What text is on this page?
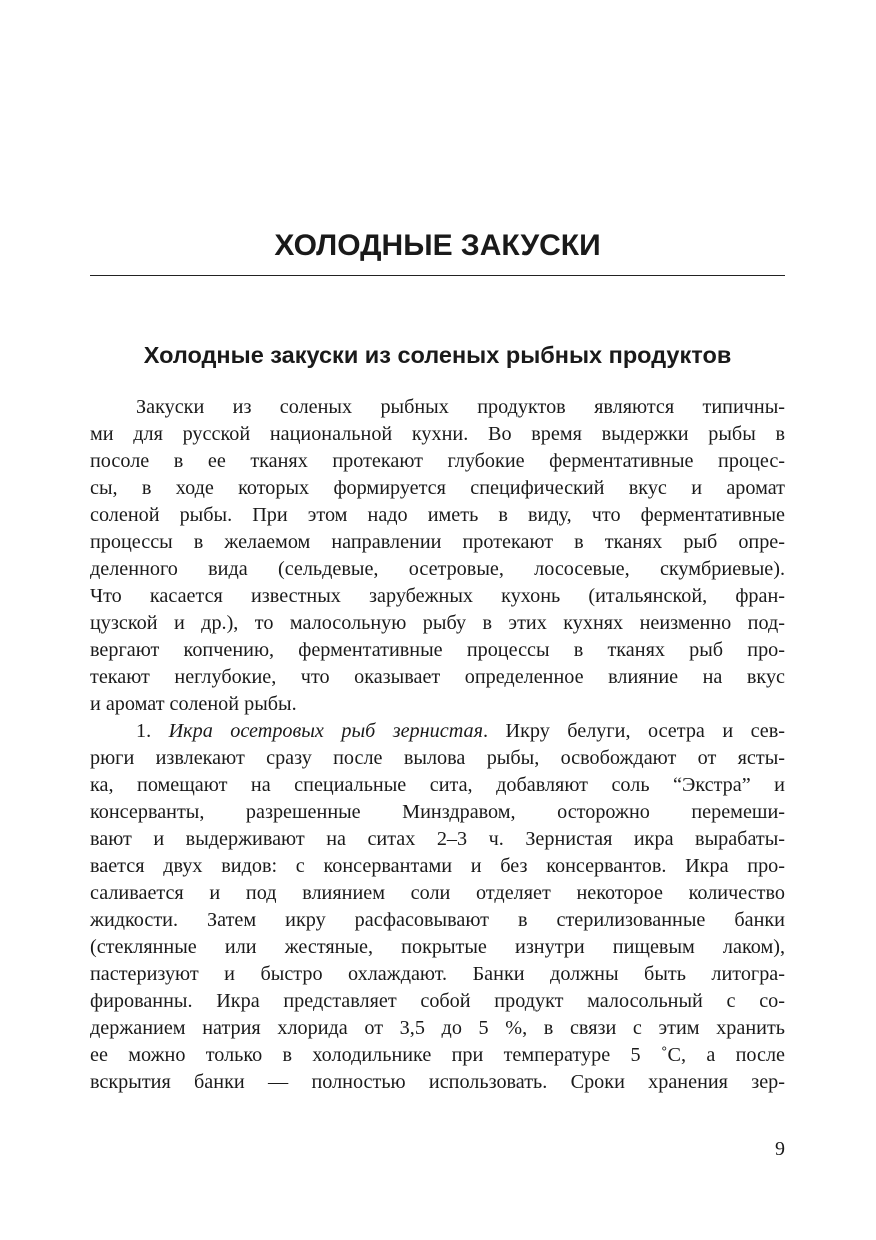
ХОЛОДНЫЕ ЗАКУСКИ
Холодные закуски из соленых рыбных продуктов
Закуски из соленых рыбных продуктов являются типичны-
ми для русской национальной кухни. Во время выдержки рыбы в
посоле в ее тканях протекают глубокие ферментативные процес-
сы, в ходе которых формируется специфический вкус и аромат
соленой рыбы. При этом надо иметь в виду, что ферментативные
процессы в желаемом направлении протекают в тканях рыб опре-
деленного вида (сельдевые, осетровые, лососевые, скумбриевые).
Что касается известных зарубежных кухонь (итальянской, фран-
цузской и др.), то малосольную рыбу в этих кухнях неизменно под-
вергают копчению, ферментативные процессы в тканях рыб про-
текают неглубокие, что оказывает определенное влияние на вкус
и аромат соленой рыбы.
1. Икра осетровых рыб зернистая. Икру белуги, осетра и сев-
рюги извлекают сразу после вылова рыбы, освобождают от ясты-
ка, помещают на специальные сита, добавляют соль “Экстра” и
консерванты, разрешенные Минздравом, осторожно перемеши-
вают и выдерживают на ситах 2–3 ч. Зернистая икра вырабаты-
вается двух видов: с консервантами и без консервантов. Икра про-
саливается и под влиянием соли отделяет некоторое количество
жидкости. Затем икру расфасовывают в стерилизованные банки
(стеклянные или жестяные, покрытые изнутри пищевым лаком),
пастеризуют и быстро охлаждают. Банки должны быть литогра-
фированны. Икра представляет собой продукт малосольный с со-
держанием натрия хлорида от 3,5 до 5 %, в связи с этим хранить
ее можно только в холодильнике при температуре 5 ˚С, а после
вскрытия банки — полностью использовать. Сроки хранения зер-
9
